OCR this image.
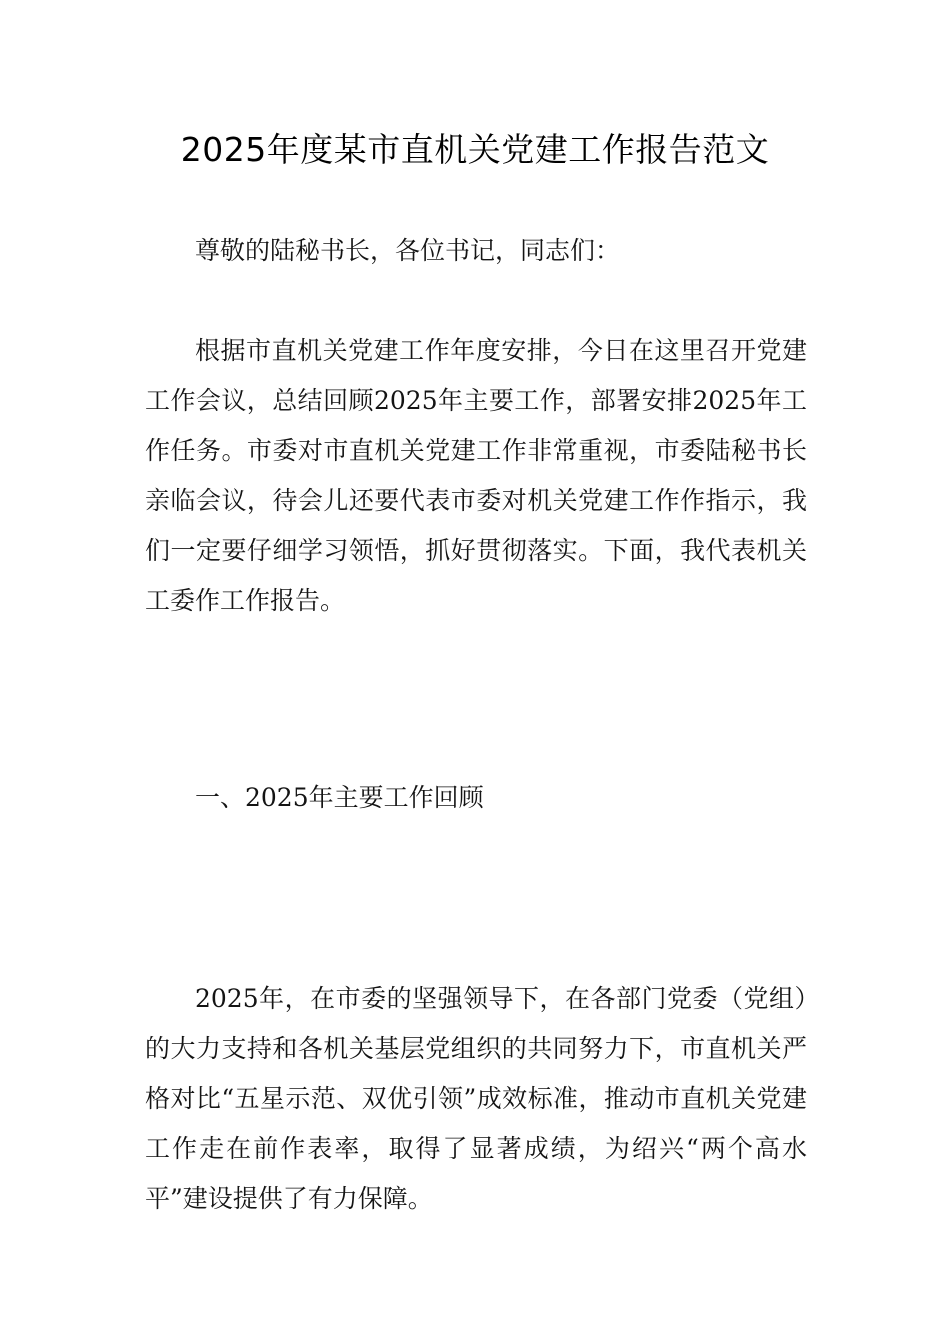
2025年度某市直机关党建工作报告范文

尊敬的陆秘书长，各位书记，同志们：

根据市直机关党建工作年度安排，今日在这里召开党建工作会议，总结回顾2025年主要工作，部署安排2025年工作任务。市委对市直机关党建工作非常重视，市委陆秘书长亲临会议，待会儿还要代表市委对机关党建工作作指示，我们一定要仔细学习领悟，抓好贯彻落实。下面，我代表机关工委作工作报告。

一、2025年主要工作回顾

2025年，在市委的坚强领导下，在各部门党委（党组）的大力支持和各机关基层党组织的共同努力下，市直机关严格对比“五星示范、双优引领”成效标准，推动市直机关党建工作走在前作表率，取得了显著成绩，为绍兴“两个高水平”建设提供了有力保障。
